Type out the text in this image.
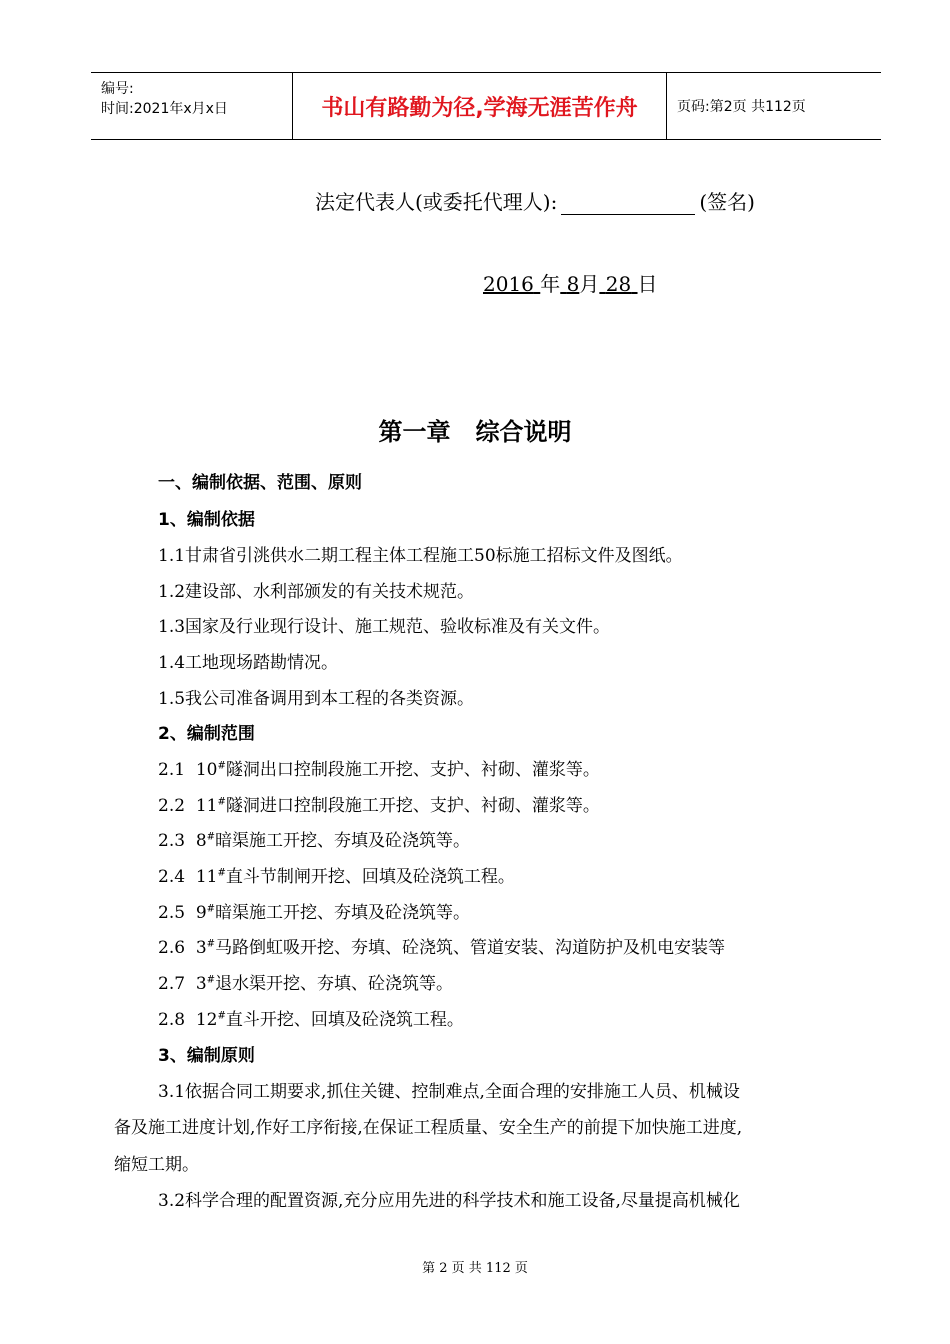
编号:
时间:2021年x月x日	书山有路勤为径,学海无涯苦作舟	页码:第2页 共112页
法定代表人(或委托代理人):	(签名)
2016 年 8月 28 日
第一章   综合说明
一、编制依据、范围、原则
1、编制依据
1.1甘肃省引洮供水二期工程主体工程施工50标施工招标文件及图纸。
1.2建设部、水利部颁发的有关技术规范。
1.3国家及行业现行设计、施工规范、验收标准及有关文件。
1.4工地现场踏勘情况。
1.5我公司准备调用到本工程的各类资源。
2、编制范围
2.1  10#隧洞出口控制段施工开挖、支护、衬砌、灌浆等。
2.2  11#隧洞进口控制段施工开挖、支护、衬砌、灌浆等。
2.3  8#暗渠施工开挖、夯填及砼浇筑等。
2.4  11#直斗节制闸开挖、回填及砼浇筑工程。
2.5  9#暗渠施工开挖、夯填及砼浇筑等。
2.6  3#马路倒虹吸开挖、夯填、砼浇筑、管道安装、沟道防护及机电安装等
2.7  3#退水渠开挖、夯填、砼浇筑等。
2.8  12#直斗开挖、回填及砼浇筑工程。
3、编制原则
3.1依据合同工期要求,抓住关键、控制难点,全面合理的安排施工人员、机械设
备及施工进度计划,作好工序衔接,在保证工程质量、安全生产的前提下加快施工进度,
缩短工期。
3.2科学合理的配置资源,充分应用先进的科学技术和施工设备,尽量提高机械化
第 2 页 共 112 页
